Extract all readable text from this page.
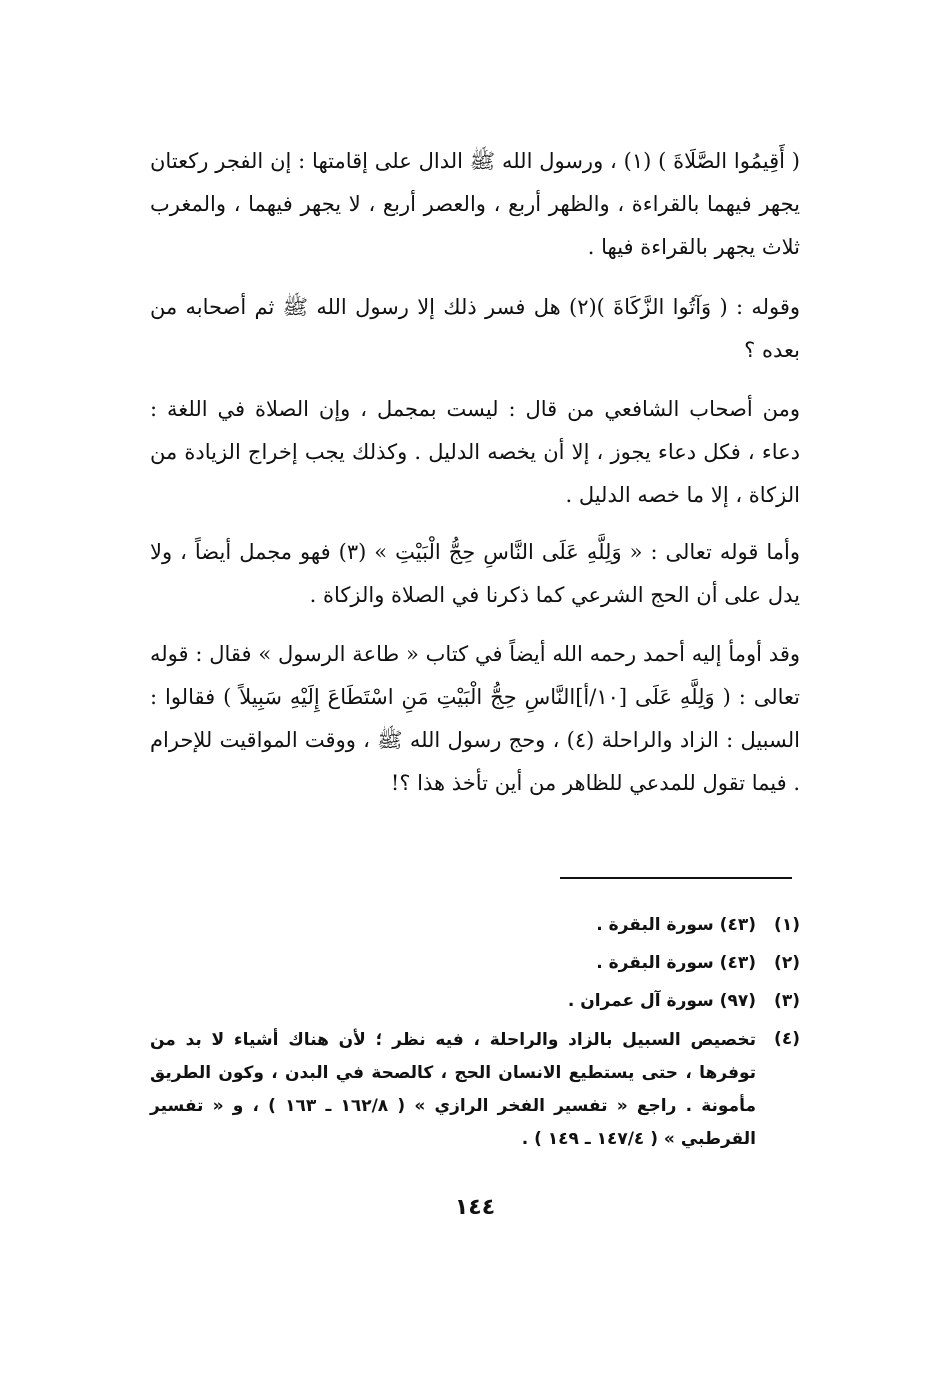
( أَقِيمُوا الصَّلَاةَ ) (١) ، ورسول الله ﷺ الدال على إقامتها : إن الفجر ركعتان يجهر فيهما بالقراءة ، والظهر أربع ، والعصر أربع ، لا يجهر فيهما ، والمغرب ثلاث يجهر بالقراءة فيها .

وقوله : ( وَآتُوا الزَّكَاةَ )(٢) هل فسر ذلك إلا رسول الله ﷺ ثم أصحابه من بعده ؟

ومن أصحاب الشافعي من قال : ليست بمجمل ، وإن الصلاة في اللغة : دعاء ، فكل دعاء يجوز ، إلا أن يخصه الدليل . وكذلك يجب إخراج الزيادة من الزكاة ، إلا ما خصه الدليل .

وأما قوله تعالى : « وَلِلَّهِ عَلَى النَّاسِ حِجُّ الْبَيْتِ » (٣) فهو مجمل أيضاً ، ولا يدل على أن الحج الشرعي كما ذكرنا في الصلاة والزكاة .

وقد أومأ إليه أحمد رحمه الله أيضاً في كتاب « طاعة الرسول » فقال : قوله تعالى : ( وَلِلَّهِ عَلَى [١٠/أ]النَّاسِ حِجُّ الْبَيْتِ مَنِ اسْتَطَاعَ إِلَيْهِ سَبِيلاً ) فقالوا : السبيل : الزاد والراحلة (٤) ، وحج رسول الله ﷺ ، ووقت المواقيت للإحرام . فيما تقول للمدعي للظاهر من أين تأخذ هذا ؟!

(١)
(٤٣) سورة البقرة .
(٢)
(٤٣) سورة البقرة .
(٣)
(٩٧) سورة آل عمران .
(٤)
تخصيص السبيل بالزاد والراحلة ، فيه نظر ؛ لأن هناك أشياء لا بد من توفرها ، حتى يستطيع الانسان الحج ، كالصحة في البدن ، وكون الطريق مأمونة . راجع « تفسير الفخر الرازي » ( ١٦٢/٨ ـ ١٦٣ ) ، و « تفسير القرطبي » ( ١٤٧/٤ ـ ١٤٩ ) .
١٤٤
